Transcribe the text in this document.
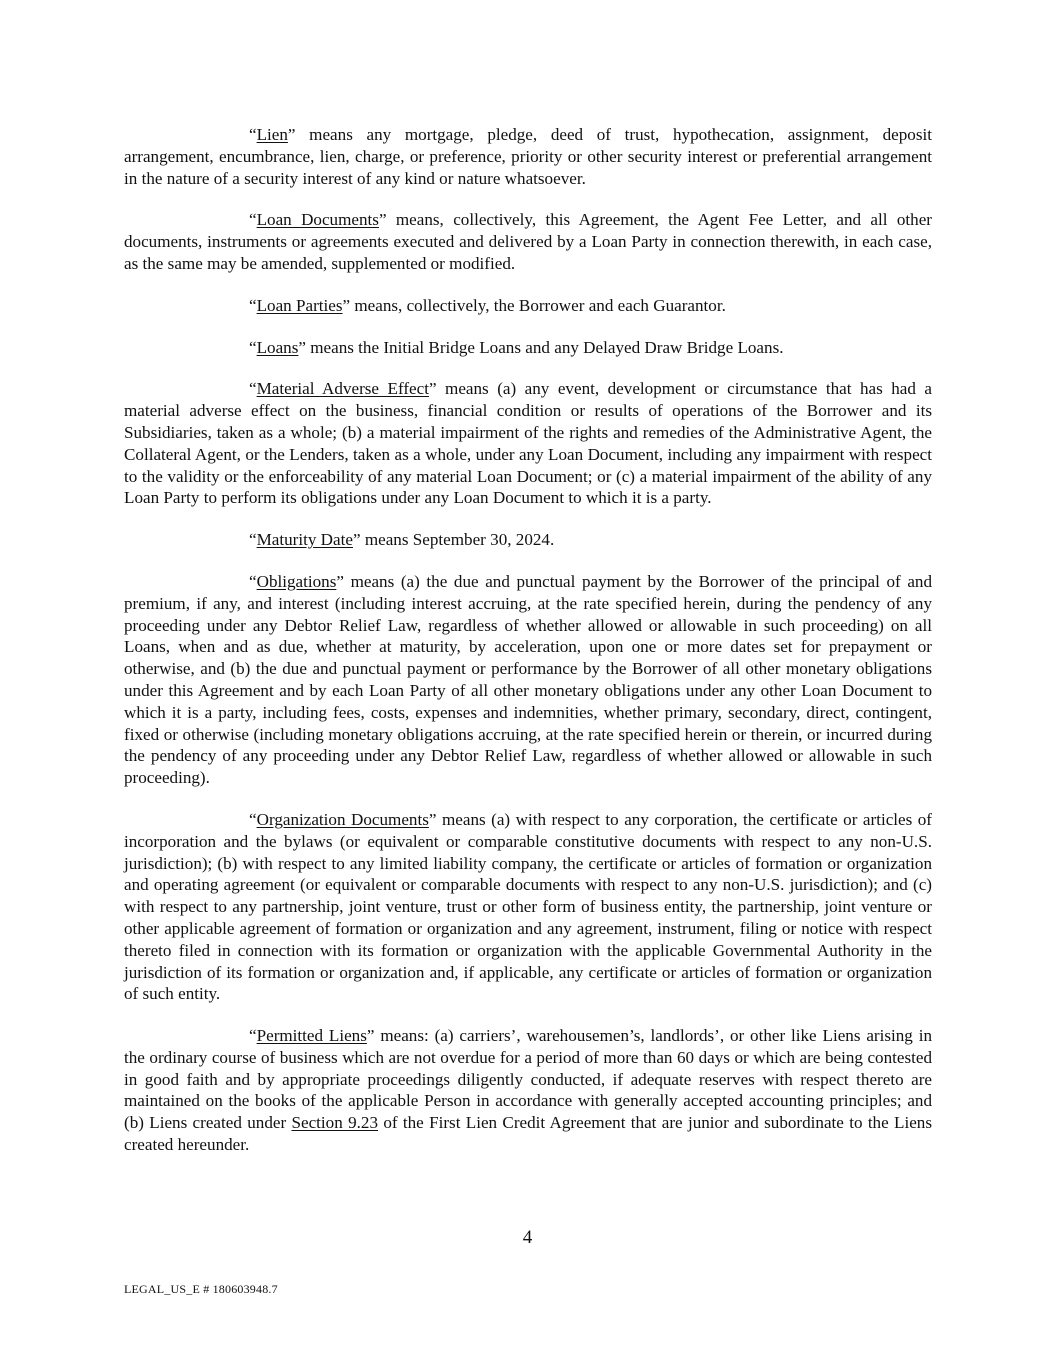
“Lien” means any mortgage, pledge, deed of trust, hypothecation, assignment, deposit arrangement, encumbrance, lien, charge, or preference, priority or other security interest or preferential arrangement in the nature of a security interest of any kind or nature whatsoever.

“Loan Documents” means, collectively, this Agreement, the Agent Fee Letter, and all other documents, instruments or agreements executed and delivered by a Loan Party in connection therewith, in each case, as the same may be amended, supplemented or modified.

“Loan Parties” means, collectively, the Borrower and each Guarantor.

“Loans” means the Initial Bridge Loans and any Delayed Draw Bridge Loans.

“Material Adverse Effect” means (a) any event, development or circumstance that has had a material adverse effect on the business, financial condition or results of operations of the Borrower and its Subsidiaries, taken as a whole; (b) a material impairment of the rights and remedies of the Administrative Agent, the Collateral Agent, or the Lenders, taken as a whole, under any Loan Document, including any impairment with respect to the validity or the enforceability of any material Loan Document; or (c) a material impairment of the ability of any Loan Party to perform its obligations under any Loan Document to which it is a party.

“Maturity Date” means September 30, 2024.

“Obligations” means (a) the due and punctual payment by the Borrower of the principal of and premium, if any, and interest (including interest accruing, at the rate specified herein, during the pendency of any proceeding under any Debtor Relief Law, regardless of whether allowed or allowable in such proceeding) on all Loans, when and as due, whether at maturity, by acceleration, upon one or more dates set for prepayment or otherwise, and (b) the due and punctual payment or performance by the Borrower of all other monetary obligations under this Agreement and by each Loan Party of all other monetary obligations under any other Loan Document to which it is a party, including fees, costs, expenses and indemnities, whether primary, secondary, direct, contingent, fixed or otherwise (including monetary obligations accruing, at the rate specified herein or therein, or incurred during the pendency of any proceeding under any Debtor Relief Law, regardless of whether allowed or allowable in such proceeding).

“Organization Documents” means (a) with respect to any corporation, the certificate or articles of incorporation and the bylaws (or equivalent or comparable constitutive documents with respect to any non-U.S. jurisdiction); (b) with respect to any limited liability company, the certificate or articles of formation or organization and operating agreement (or equivalent or comparable documents with respect to any non-U.S. jurisdiction); and (c) with respect to any partnership, joint venture, trust or other form of business entity, the partnership, joint venture or other applicable agreement of formation or organization and any agreement, instrument, filing or notice with respect thereto filed in connection with its formation or organization with the applicable Governmental Authority in the jurisdiction of its formation or organization and, if applicable, any certificate or articles of formation or organization of such entity.

“Permitted Liens” means: (a) carriers’, warehousemen’s, landlords’, or other like Liens arising in the ordinary course of business which are not overdue for a period of more than 60 days or which are being contested in good faith and by appropriate proceedings diligently conducted, if adequate reserves with respect thereto are maintained on the books of the applicable Person in accordance with generally accepted accounting principles; and (b) Liens created under Section 9.23 of the First Lien Credit Agreement that are junior and subordinate to the Liens created hereunder.

4
LEGAL_US_E # 180603948.7
